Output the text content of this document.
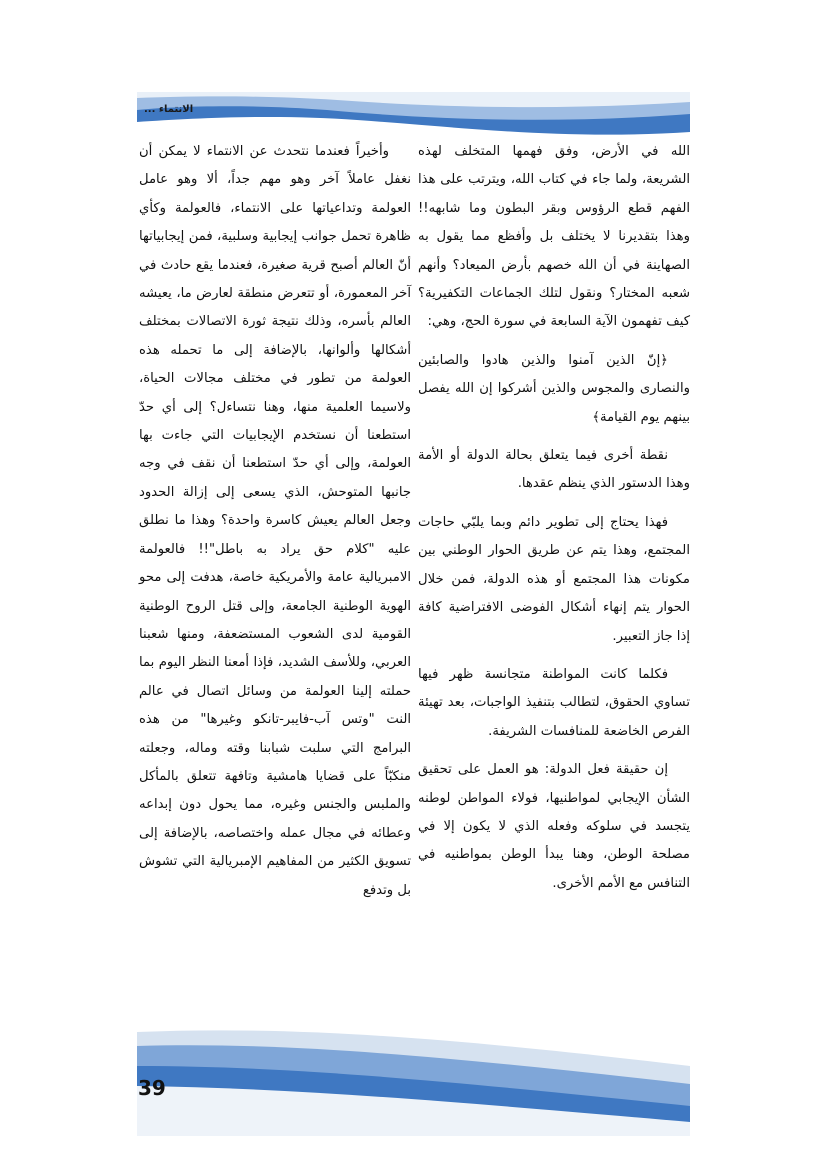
الانتماء ...

الله في الأرض، وفق فهمها المتخلف لهذه الشريعة، ولما جاء في كتاب الله، ويترتب على هذا الفهم قطع الرؤوس وبقر البطون وما شابهه!! وهذا بتقديرنا لا يختلف بل وأفظع مما يقول به الصهاينة في أن الله خصهم بأرض الميعاد؟ وأنهم شعبه المختار؟ ونقول لتلك الجماعات التكفيرية؟ كيف تفهمون الآية السابعة في سورة الحج، وهي:

﴿إنّ الذين آمنوا والذين هادوا والصابئين والنصارى والمجوس والذين أشركوا إن الله يفصل بينهم يوم القيامة﴾

نقطة أخرى فيما يتعلق بحالة الدولة أو الأمة وهذا الدستور الذي ينظم عقدها.

فهذا يحتاج إلى تطوير دائم وبما يلبّي حاجات المجتمع، وهذا يتم عن طريق الحوار الوطني بين مكونات هذا المجتمع أو هذه الدولة، فمن خلال الحوار يتم إنهاء أشكال الفوضى الافتراضية كافة إذا جاز التعبير.

فكلما كانت المواطنة متجانسة ظهر فيها تساوي الحقوق، لتطالب بتنفيذ الواجبات، بعد تهيئة الفرص الخاضعة للمنافسات الشريفة.

إن حقيقة فعل الدولة: هو العمل على تحقيق الشأن الإيجابي لمواطنيها، فولاء المواطن لوطنه يتجسد في سلوكه وفعله الذي لا يكون إلا في مصلحة الوطن، وهنا يبدأ الوطن بمواطنيه في التنافس مع الأمم الأخرى.

وأخيراً فعندما نتحدث عن الانتماء لا يمكن أن نغفل عاملاً آخر وهو مهم جداً، ألا وهو عامل العولمة وتداعياتها على الانتماء، فالعولمة وكأي ظاهرة تحمل جوانب إيجابية وسلبية، فمن إيجابياتها أنّ العالم أصبح قرية صغيرة، فعندما يقع حادث في آخر المعمورة، أو تتعرض منطقة لعارض ما، يعيشه العالم بأسره، وذلك نتيجة ثورة الاتصالات بمختلف أشكالها وألوانها، بالإضافة إلى ما تحمله هذه العولمة من تطور في مختلف مجالات الحياة، ولاسيما العلمية منها، وهنا نتساءل؟ إلى أي حدّ استطعنا أن نستخدم الإيجابيات التي جاءت بها العولمة، وإلى أي حدّ استطعنا أن نقف في وجه جانبها المتوحش، الذي يسعى إلى إزالة الحدود وجعل العالم يعيش كاسرة واحدة؟ وهذا ما نطلق عليه "كلام حق يراد به باطل"!! فالعولمة الامبريالية عامة والأمريكية خاصة، هدفت إلى محو الهوية الوطنية الجامعة، وإلى قتل الروح الوطنية القومية لدى الشعوب المستضعفة، ومنها شعبنا العربي، وللأسف الشديد، فإذا أمعنا النظر اليوم بما حملته إلينا العولمة من وسائل اتصال في عالم النت "وتس آب-فايبر-تانكو وغيرها" من هذه البرامج التي سلبت شبابنا وقته وماله، وجعلته منكبّاً على قضايا هامشية وتافهة تتعلق بالمأكل والملبس والجنس وغيره، مما يحول دون إبداعه وعطائه في مجال عمله واختصاصه، بالإضافة إلى تسويق الكثير من المفاهيم الإمبريالية التي تشوش بل وتدفع

39
